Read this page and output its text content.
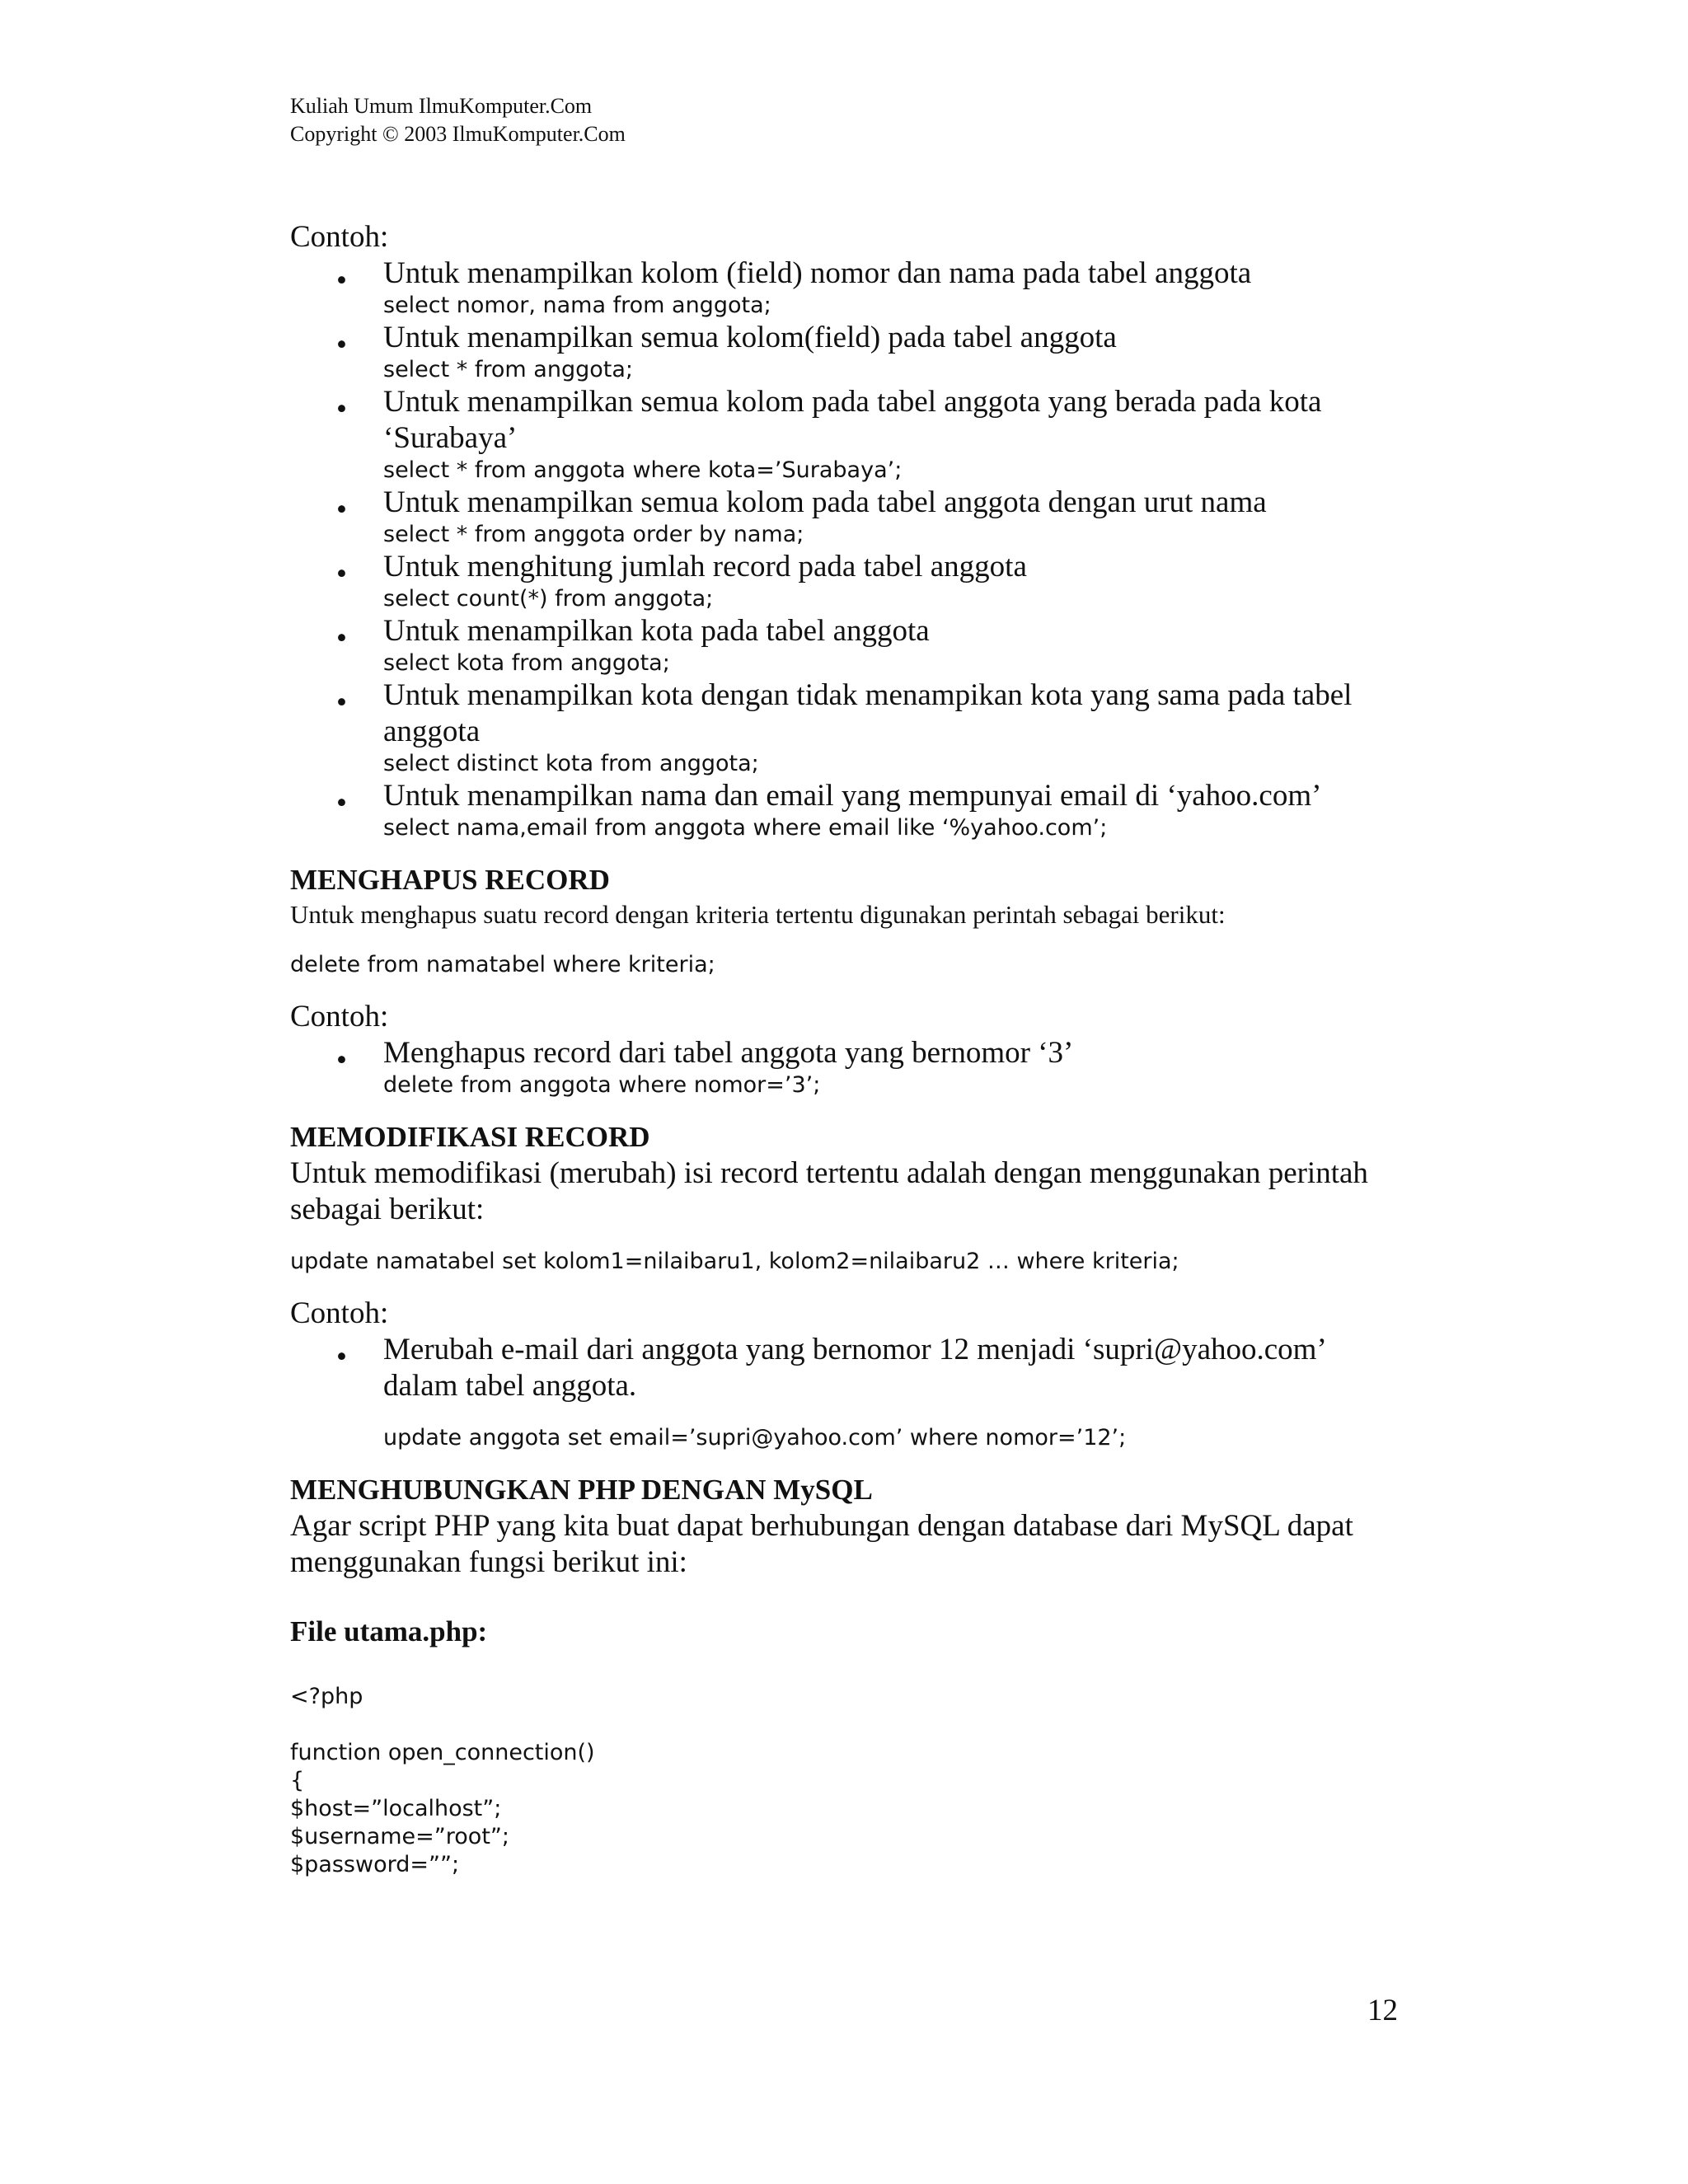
Kuliah Umum IlmuKomputer.Com
Copyright © 2003 IlmuKomputer.Com
Contoh:
• Untuk menampilkan kolom (field) nomor dan nama pada tabel anggota
select nomor, nama from anggota;
• Untuk menampilkan semua kolom(field) pada tabel anggota
select * from anggota;
• Untuk menampilkan semua kolom pada tabel anggota yang berada pada kota ‘Surabaya’
select * from anggota where kota=’Surabaya’;
• Untuk menampilkan semua kolom pada tabel anggota dengan urut nama
select * from anggota order by nama;
• Untuk menghitung jumlah record pada tabel anggota
select count(*) from anggota;
• Untuk menampilkan kota pada tabel anggota
select kota from anggota;
• Untuk menampilkan kota dengan tidak menampikan kota yang sama pada tabel anggota
select distinct kota from anggota;
• Untuk menampilkan nama dan email yang mempunyai email di ‘yahoo.com’
select nama,email from anggota where email like ‘%yahoo.com’;
MENGHAPUS RECORD
Untuk menghapus suatu record dengan kriteria tertentu digunakan perintah sebagai berikut:
delete from namatabel where kriteria;
Contoh:
• Menghapus record dari tabel anggota yang bernomor ‘3’
delete from anggota where nomor=’3’;
MEMODIFIKASI RECORD
Untuk memodifikasi (merubah) isi record tertentu adalah dengan menggunakan perintah sebagai berikut:
update namatabel set kolom1=nilaibaru1, kolom2=nilaibaru2 … where kriteria;
Contoh:
• Merubah e-mail dari anggota yang bernomor 12 menjadi ‘supri@yahoo.com’ dalam tabel anggota.
update anggota set email=’supri@yahoo.com’ where nomor=’12’;
MENGHUBUNGKAN PHP DENGAN MySQL
Agar script PHP yang kita buat dapat berhubungan dengan database dari MySQL dapat menggunakan fungsi berikut ini:
File utama.php:
<?php
function open_connection()
{
$host=”localhost”;
$username=”root”;
$password=””;
12
